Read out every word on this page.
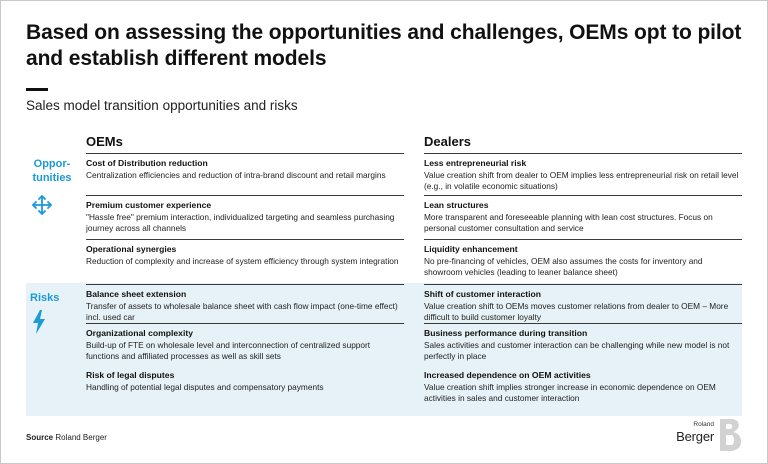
Based on assessing the opportunities and challenges, OEMs opt to pilot and establish different models
Sales model transition opportunities and risks
OEMs	Dealers
Oppor-
tunities
Risks
Cost of Distribution reduction
Centralization efficiencies and reduction of intra-brand discount and retail margins
Premium customer experience
"Hassle free" premium interaction, individualized targeting and seamless purchasing journey across all channels
Operational synergies
Reduction of complexity and increase of system efficiency through system integration
Less entrepreneurial risk
Value creation shift from dealer to OEM implies less entrepreneurial risk on retail level (e.g., in volatile economic situations)
Lean structures
More transparent and foreseeable planning with lean cost structures. Focus on personal customer consultation and service
Liquidity enhancement
No pre-financing of vehicles, OEM also assumes the costs for inventory and showroom vehicles (leading to leaner balance sheet)
Balance sheet extension
Transfer of assets to wholesale balance sheet with cash flow impact (one-time effect) incl. used car
Organizational complexity
Build-up of FTE on wholesale level and interconnection of centralized support functions and affiliated processes as well as skill sets
Risk of legal disputes
Handling of potential legal disputes and compensatory payments
Shift of customer interaction
Value creation shift to OEMs moves customer relations from dealer to OEM – More difficult to build customer loyalty
Business performance during transition
Sales activities and customer interaction can be challenging while new model is not perfectly in place
Increased dependence on OEM activities
Value creation shift implies stronger increase in economic dependence on OEM activities in sales and customer interaction
Source Roland Berger
Roland
Berger
